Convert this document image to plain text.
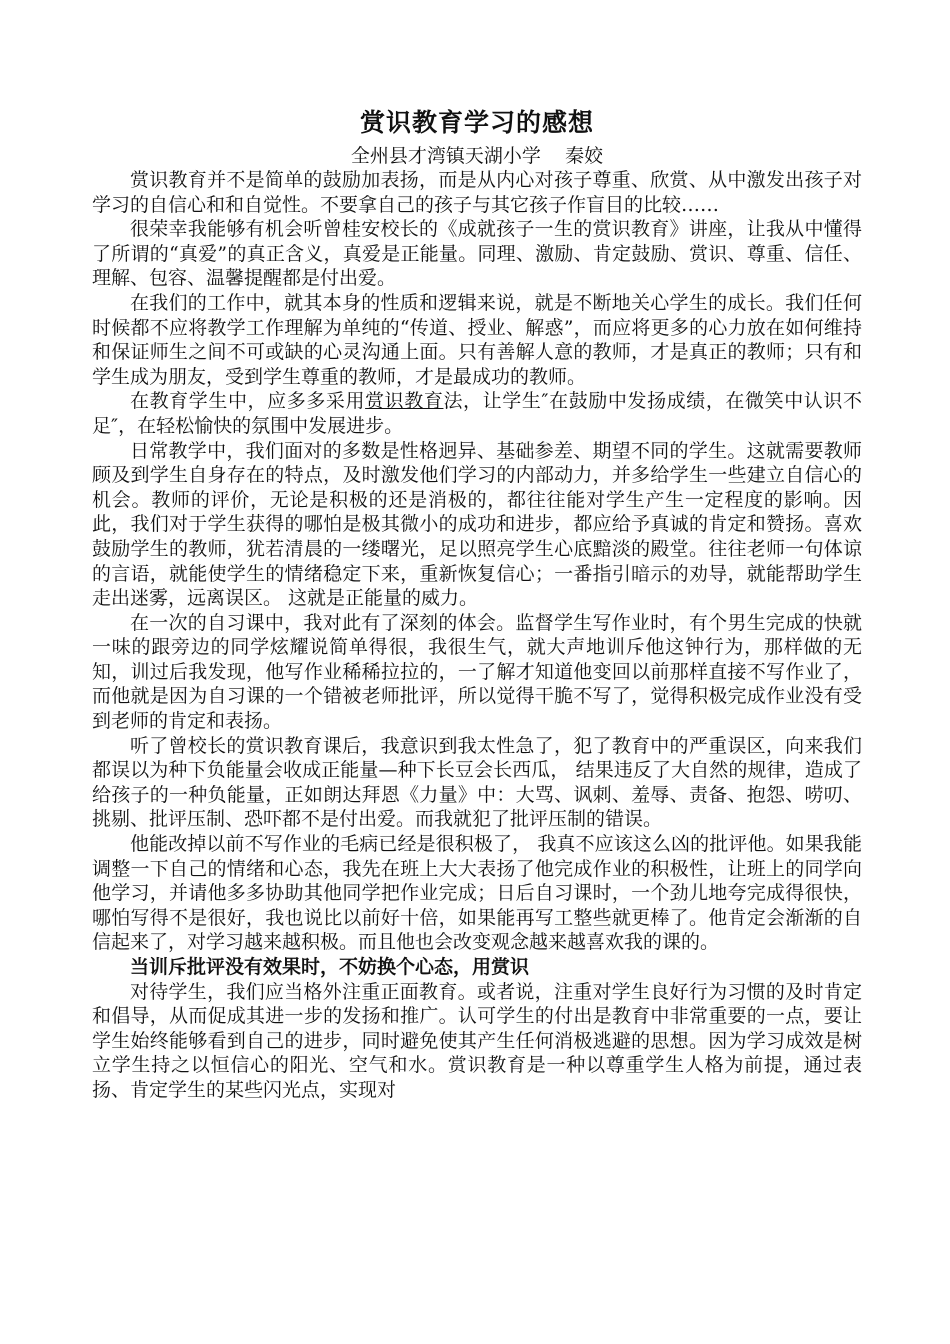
赏识教育学习的感想
全州县才湾镇天湖小学    秦姣

赏识教育并不是简单的鼓励加表扬，而是从内心对孩子尊重、欣赏、从中激发出孩子对学习的自信心和和自觉性。不要拿自己的孩子与其它孩子作盲目的比较……

很荣幸我能够有机会听曾桂安校长的《成就孩子一生的赏识教育》讲座，让我从中懂得了所谓的“真爱”的真正含义，真爱是正能量。同理、激励、肯定鼓励、赏识、尊重、信任、理解、包容、温馨提醒都是付出爱。

在我们的工作中，就其本身的性质和逻辑来说，就是不断地关心学生的成长。我们任何时候都不应将教学工作理解为单纯的“传道、授业、解惑”，而应将更多的心力放在如何维持和保证师生之间不可或缺的心灵沟通上面。只有善解人意的教师，才是真正的教师；只有和学生成为朋友，受到学生尊重的教师，才是最成功的教师。

在教育学生中，应多多采用赏识教育法，让学生″在鼓励中发扬成绩，在微笑中认识不足″，在轻松愉快的氛围中发展进步。

日常教学中，我们面对的多数是性格迥异、基础参差、期望不同的学生。这就需要教师顾及到学生自身存在的特点，及时激发他们学习的内部动力，并多给学生一些建立自信心的机会。教师的评价，无论是积极的还是消极的，都往往能对学生产生一定程度的影响。因此，我们对于学生获得的哪怕是极其微小的成功和进步，都应给予真诚的肯定和赞扬。喜欢鼓励学生的教师，犹若清晨的一缕曙光，足以照亮学生心底黯淡的殿堂。往往老师一句体谅的言语，就能使学生的情绪稳定下来，重新恢复信心；一番指引暗示的劝导，就能帮助学生走出迷雾，远离误区。 这就是正能量的威力。

在一次的自习课中，我对此有了深刻的体会。监督学生写作业时，有个男生完成的快就一味的跟旁边的同学炫耀说简单得很，我很生气，就大声地训斥他这钟行为，那样做的无知，训过后我发现，他写作业稀稀拉拉的，一了解才知道他变回以前那样直接不写作业了，而他就是因为自习课的一个错被老师批评，所以觉得干脆不写了，觉得积极完成作业没有受到老师的肯定和表扬。

听了曾校长的赏识教育课后，我意识到我太性急了，犯了教育中的严重误区，向来我们都误以为种下负能量会收成正能量—种下长豆会长西瓜， 结果违反了大自然的规律，造成了给孩子的一种负能量，正如朗达拜恩《力量》中：大骂、讽刺、羞辱、责备、抱怨、唠叨、挑剔、批评压制、恐吓都不是付出爱。而我就犯了批评压制的错误。

他能改掉以前不写作业的毛病已经是很积极了， 我真不应该这么凶的批评他。如果我能调整一下自己的情绪和心态，我先在班上大大表扬了他完成作业的积极性，让班上的同学向他学习，并请他多多协助其他同学把作业完成；日后自习课时，一个劲儿地夸完成得很快，哪怕写得不是很好，我也说比以前好十倍，如果能再写工整些就更棒了。他肯定会渐渐的自信起来了，对学习越来越积极。而且他也会改变观念越来越喜欢我的课的。

当训斥批评没有效果时，不妨换个心态，用赏识

对待学生，我们应当格外注重正面教育。或者说，注重对学生良好行为习惯的及时肯定和倡导，从而促成其进一步的发扬和推广。认可学生的付出是教育中非常重要的一点，要让学生始终能够看到自己的进步，同时避免使其产生任何消极逃避的思想。因为学习成效是树立学生持之以恒信心的阳光、空气和水。赏识教育是一种以尊重学生人格为前提，通过表扬、肯定学生的某些闪光点，实现对
